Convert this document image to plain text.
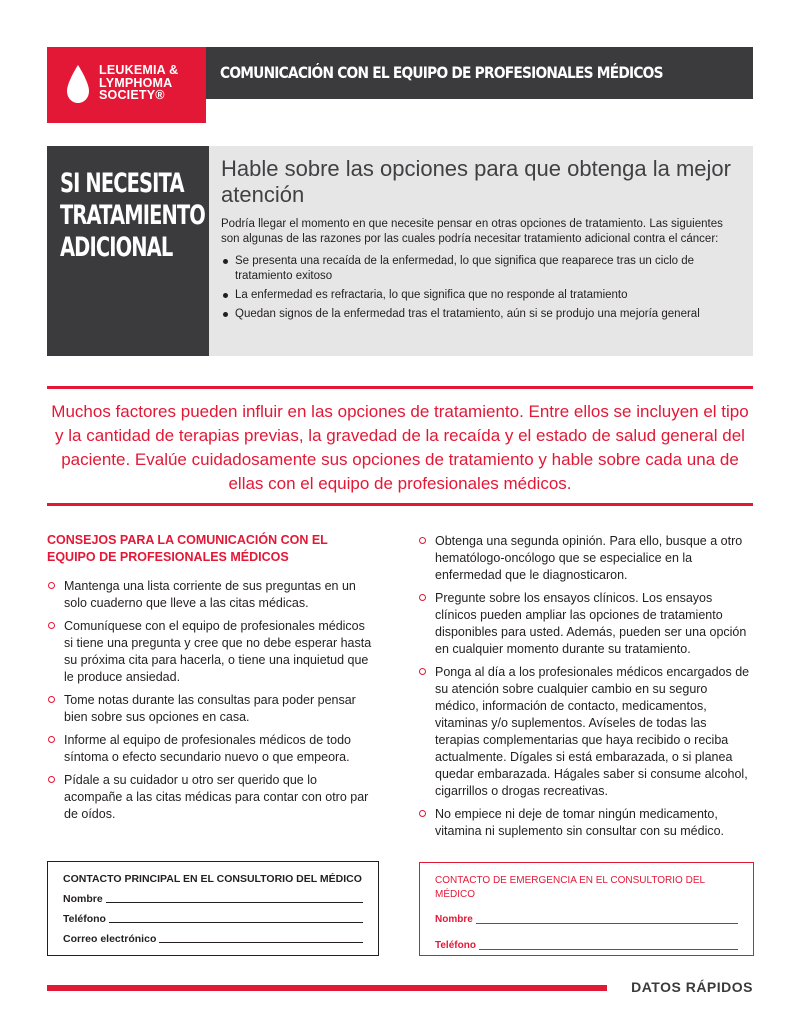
LEUKEMIA &
LYMPHOMA
SOCIETY®
COMUNICACIÓN CON EL EQUIPO DE PROFESIONALES MÉDICOS
SI NECESITA
TRATAMIENTO
ADICIONAL
Hable sobre las opciones para que obtenga la mejor atención

Podría llegar el momento en que necesite pensar en otras opciones de tratamiento. Las siguientes son algunas de las razones por las cuales podría necesitar tratamiento adicional contra el cáncer:

Se presenta una recaída de la enfermedad, lo que significa que reaparece tras un ciclo de tratamiento exitoso
La enfermedad es refractaria, lo que significa que no responde al tratamiento
Quedan signos de la enfermedad tras el tratamiento, aún si se produjo una mejoría general

Muchos factores pueden influir en las opciones de tratamiento. Entre ellos se incluyen el tipo y la cantidad de terapias previas, la gravedad de la recaída y el estado de salud general del paciente. Evalúe cuidadosamente sus opciones de tratamiento y hable sobre cada una de ellas con el equipo de profesionales médicos.

CONSEJOS PARA LA COMUNICACIÓN CON EL
EQUIPO DE PROFESIONALES MÉDICOS
Mantenga una lista corriente de sus preguntas en un solo cuaderno que lleve a las citas médicas.
Comuníquese con el equipo de profesionales médicos si tiene una pregunta y cree que no debe esperar hasta su próxima cita para hacerla, o tiene una inquietud que le produce ansiedad.
Tome notas durante las consultas para poder pensar bien sobre sus opciones en casa.
Informe al equipo de profesionales médicos de todo síntoma o efecto secundario nuevo o que empeora.
Pídale a su cuidador u otro ser querido que lo acompañe a las citas médicas para contar con otro par de oídos.
Obtenga una segunda opinión. Para ello, busque a otro hematólogo-oncólogo que se especialice en la enfermedad que le diagnosticaron.
Pregunte sobre los ensayos clínicos. Los ensayos clínicos pueden ampliar las opciones de tratamiento disponibles para usted. Además, pueden ser una opción en cualquier momento durante su tratamiento.
Ponga al día a los profesionales médicos encargados de su atención sobre cualquier cambio en su seguro médico, información de contacto, medicamentos, vitaminas y/o suplementos. Avíseles de todas las terapias complementarias que haya recibido o reciba actualmente. Dígales si está embarazada, o si planea quedar embarazada. Hágales saber si consume alcohol, cigarrillos o drogas recreativas.
No empiece ni deje de tomar ningún medicamento, vitamina ni suplemento sin consultar con su médico.
CONTACTO PRINCIPAL EN EL CONSULTORIO DEL MÉDICO
Nombre
Teléfono
Correo electrónico
CONTACTO DE EMERGENCIA EN EL CONSULTORIO DEL MÉDICO
Nombre
Teléfono
DATOS RÁPIDOS
